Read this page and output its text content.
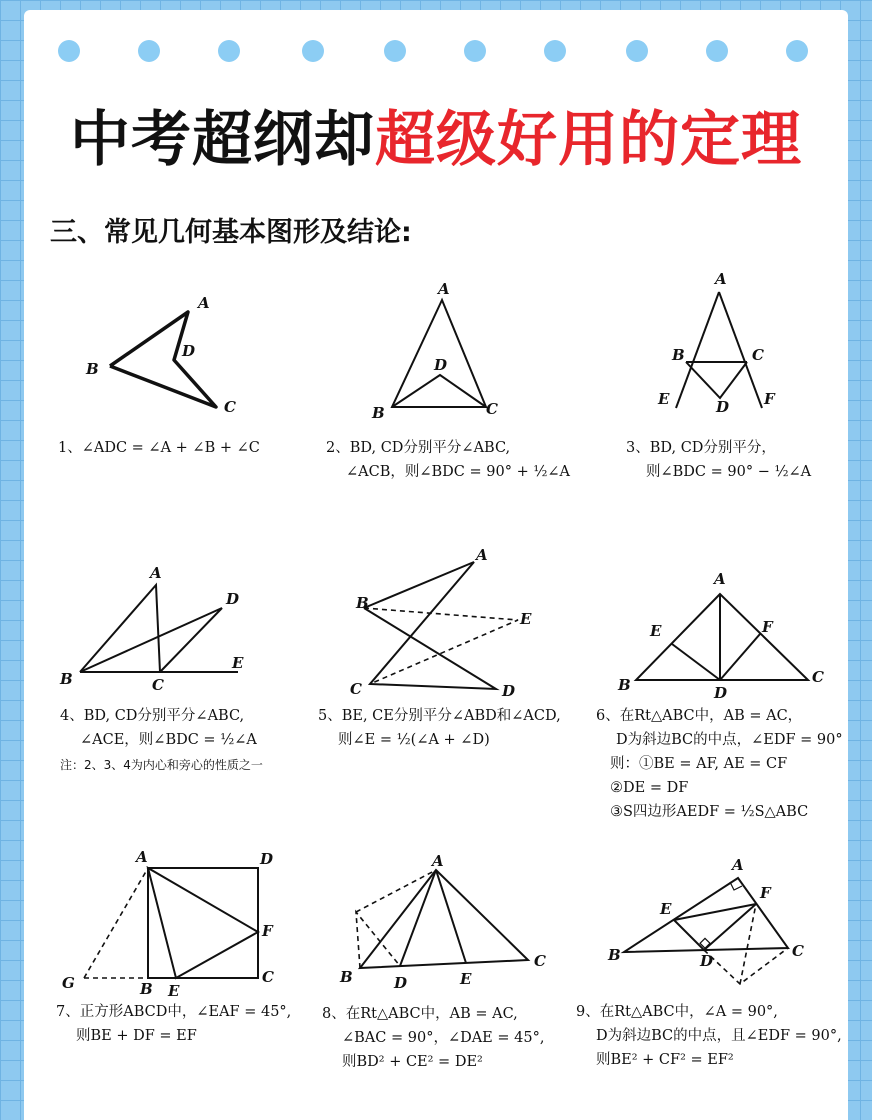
中考超纲却超级好用的定理
三、常见几何基本图形及结论:
A
B
C
D
1、∠ADC = ∠A + ∠B + ∠C
A
B	C
D
2、BD, CD分别平分∠ABC,
∠ACB，则∠BDC = 90° + ½∠A
A
B	C
D
E	F
3、BD, CD分别平分，
则∠BDC = 90° − ½∠A
A
B	C
D
E
4、BD, CD分别平分∠ABC,
∠ACE，则∠BDC = ½∠A
注：2、3、4为内心和旁心的性质之一
A
B
C	D
E
5、BE, CE分别平分∠ABD和∠ACD,
则∠E = ½(∠A + ∠D)
A
B	C
D
E	F
6、在Rt△ABC中，AB = AC，
D为斜边BC的中点，∠EDF = 90°
则：①BE = AF, AE = CF
②DE = DF
③S四边形AEDF = ½S△ABC
A
B
C
D
E
F
G
7、正方形ABCD中，∠EAF = 45°,
则BE + DF = EF
A
B
C
D	E
8、在Rt△ABC中，AB = AC,
∠BAC = 90°，∠DAE = 45°,
则BD² + CE² = DE²
A
B	C
D
E
F
9、在Rt△ABC中，∠A = 90°,
D为斜边BC的中点，且∠EDF = 90°,
则BE² + CF² = EF²
